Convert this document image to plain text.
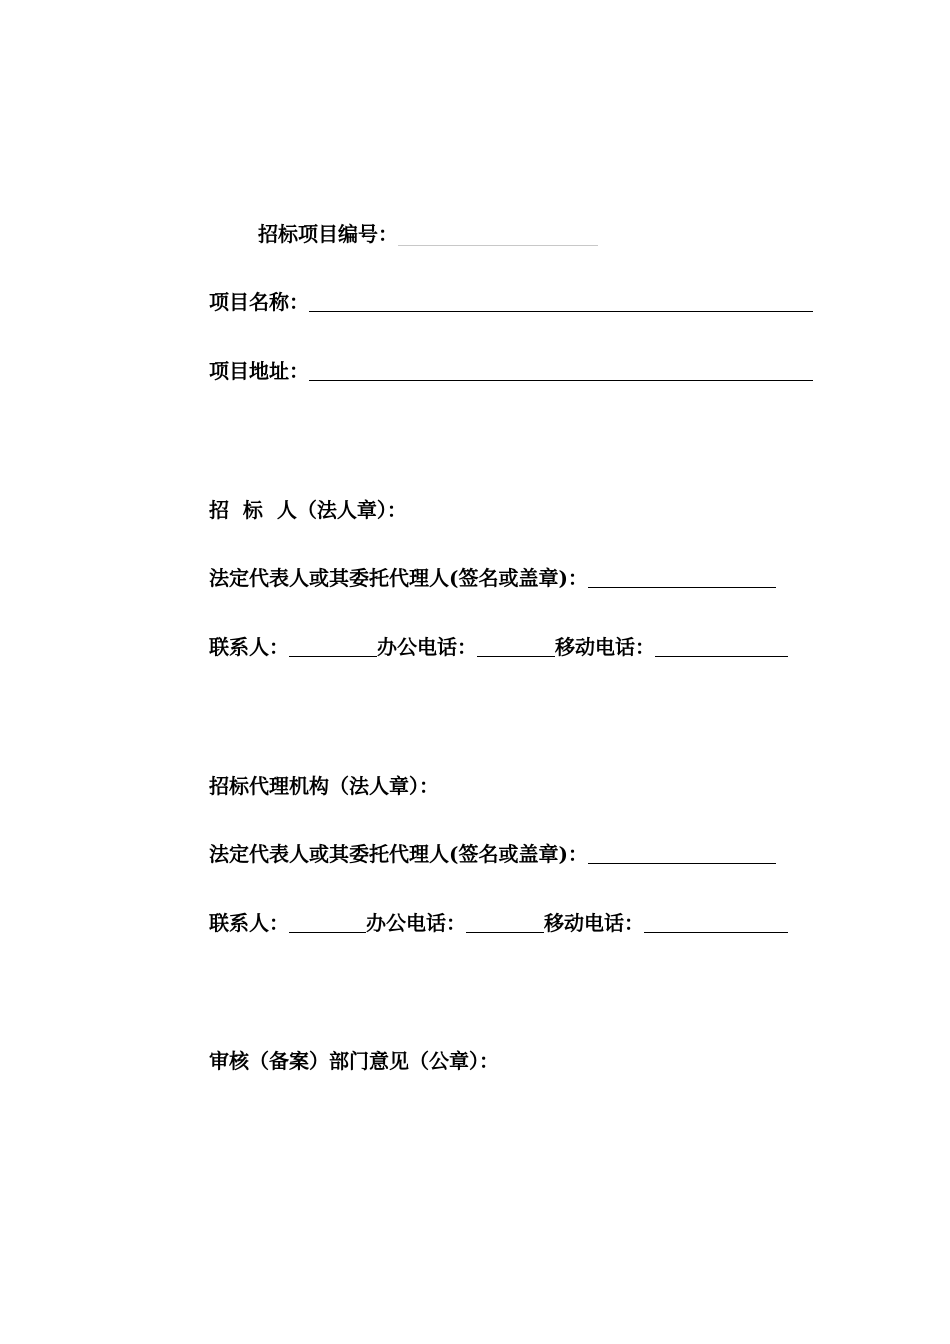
招标项目编号：
项目名称：
项目地址：
招  标  人（法人章）：
法定代表人或其委托代理人(签名或盖章)：
联系人：	办公电话：	移动电话：
招标代理机构（法人章）：
法定代表人或其委托代理人(签名或盖章)：
联系人：	办公电话：	移动电话：
审核（备案）部门意见（公章）：
